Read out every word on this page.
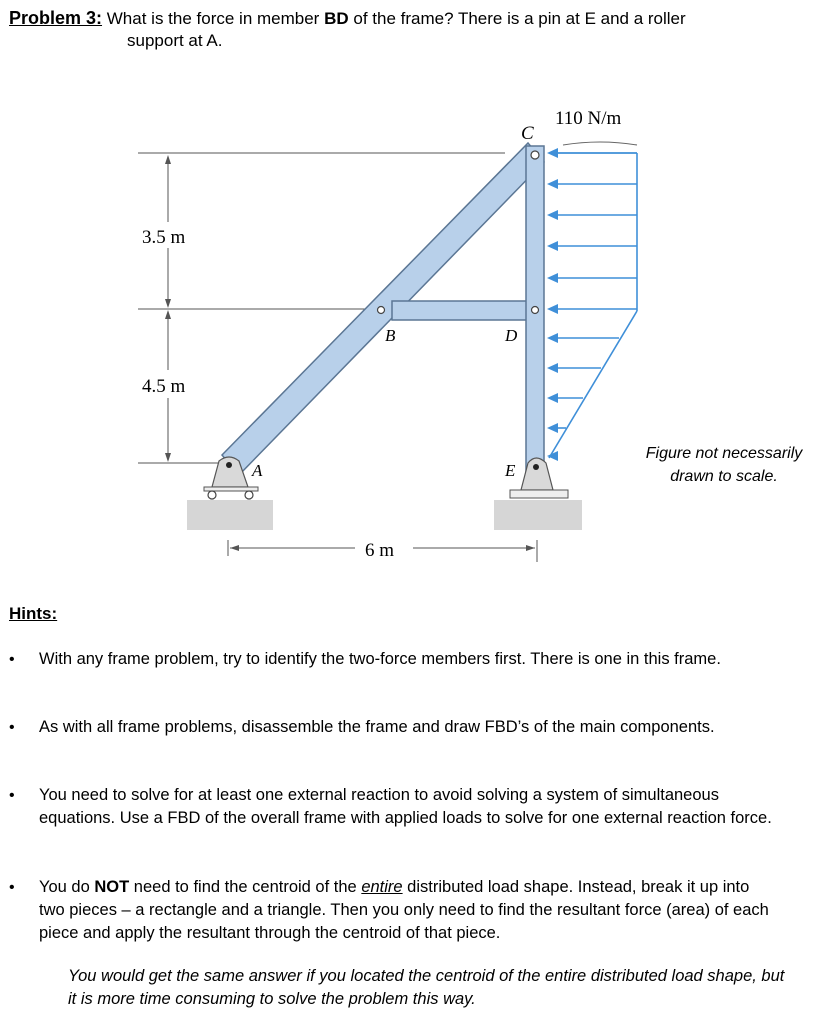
Problem 3: What is the force in member BD of the frame? There is a pin at E and a roller
support at A.
3.5 m
4.5 m
6 m
110 N/m
C
B	D
A	E
Figure not necessarily drawn to scale.
Hints:
• With any frame problem, try to identify the two-force members first. There is one in this frame.
• As with all frame problems, disassemble the frame and draw FBD’s of the main components.
• You need to solve for at least one external reaction to avoid solving a system of simultaneous equations. Use a FBD of the overall frame with applied loads to solve for one external reaction force.
• You do NOT need to find the centroid of the entire distributed load shape. Instead, break it up into two pieces – a rectangle and a triangle. Then you only need to find the resultant force (area) of each piece and apply the resultant through the centroid of that piece.
You would get the same answer if you located the centroid of the entire distributed load shape, but it is more time consuming to solve the problem this way.
